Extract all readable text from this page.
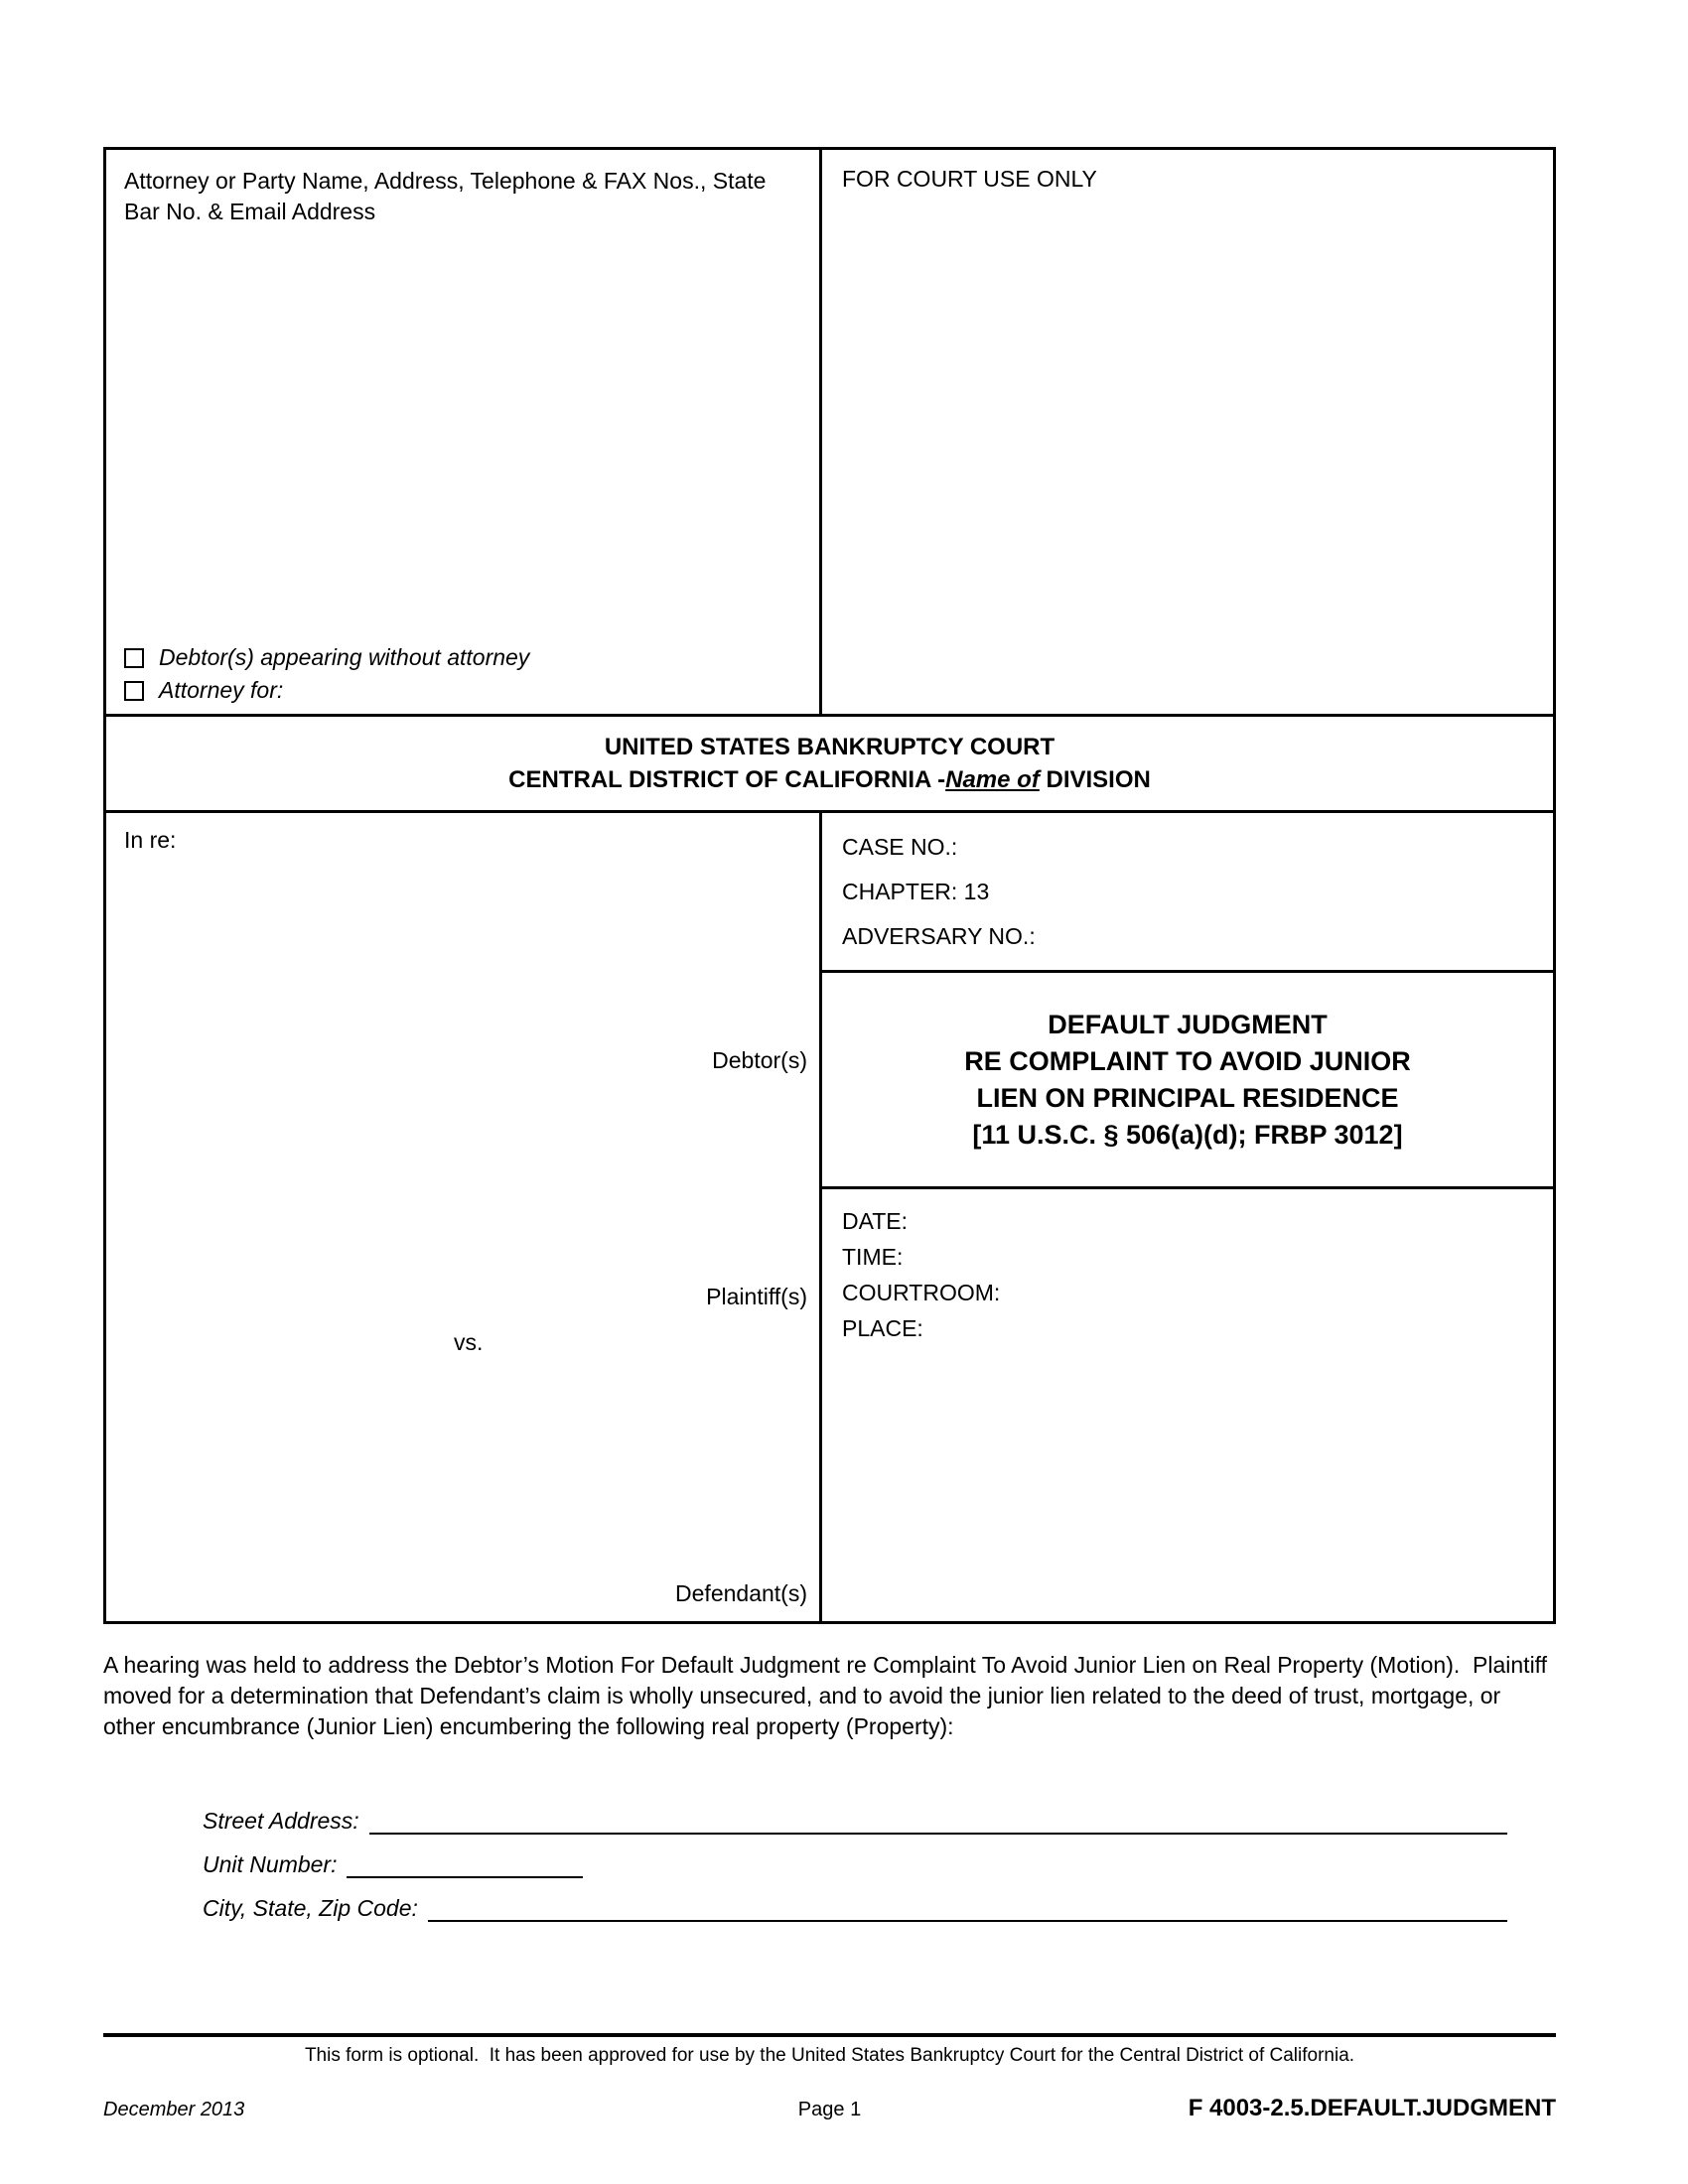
Attorney or Party Name, Address, Telephone & FAX Nos., State Bar No. & Email Address
Debtor(s) appearing without attorney
Attorney for:
FOR COURT USE ONLY
UNITED STATES BANKRUPTCY COURT
CENTRAL DISTRICT OF CALIFORNIA -Name of DIVISION
In re:
Debtor(s)
Plaintiff(s)
vs.
Defendant(s)
CASE NO.:
CHAPTER: 13
ADVERSARY NO.:
DEFAULT JUDGMENT
RE COMPLAINT TO AVOID JUNIOR
LIEN ON PRINCIPAL RESIDENCE
[11 U.S.C. § 506(a)(d); FRBP 3012]
DATE:
TIME:
COURTROOM:
PLACE:
A hearing was held to address the Debtor’s Motion For Default Judgment re Complaint To Avoid Junior Lien on Real Property (Motion).  Plaintiff moved for a determination that Defendant’s claim is wholly unsecured, and to avoid the junior lien related to the deed of trust, mortgage, or other encumbrance (Junior Lien) encumbering the following real property (Property):
Street Address:
Unit Number:
City, State, Zip Code:
This form is optional.  It has been approved for use by the United States Bankruptcy Court for the Central District of California.
December 2013	Page 1	F 4003-2.5.DEFAULT.JUDGMENT
